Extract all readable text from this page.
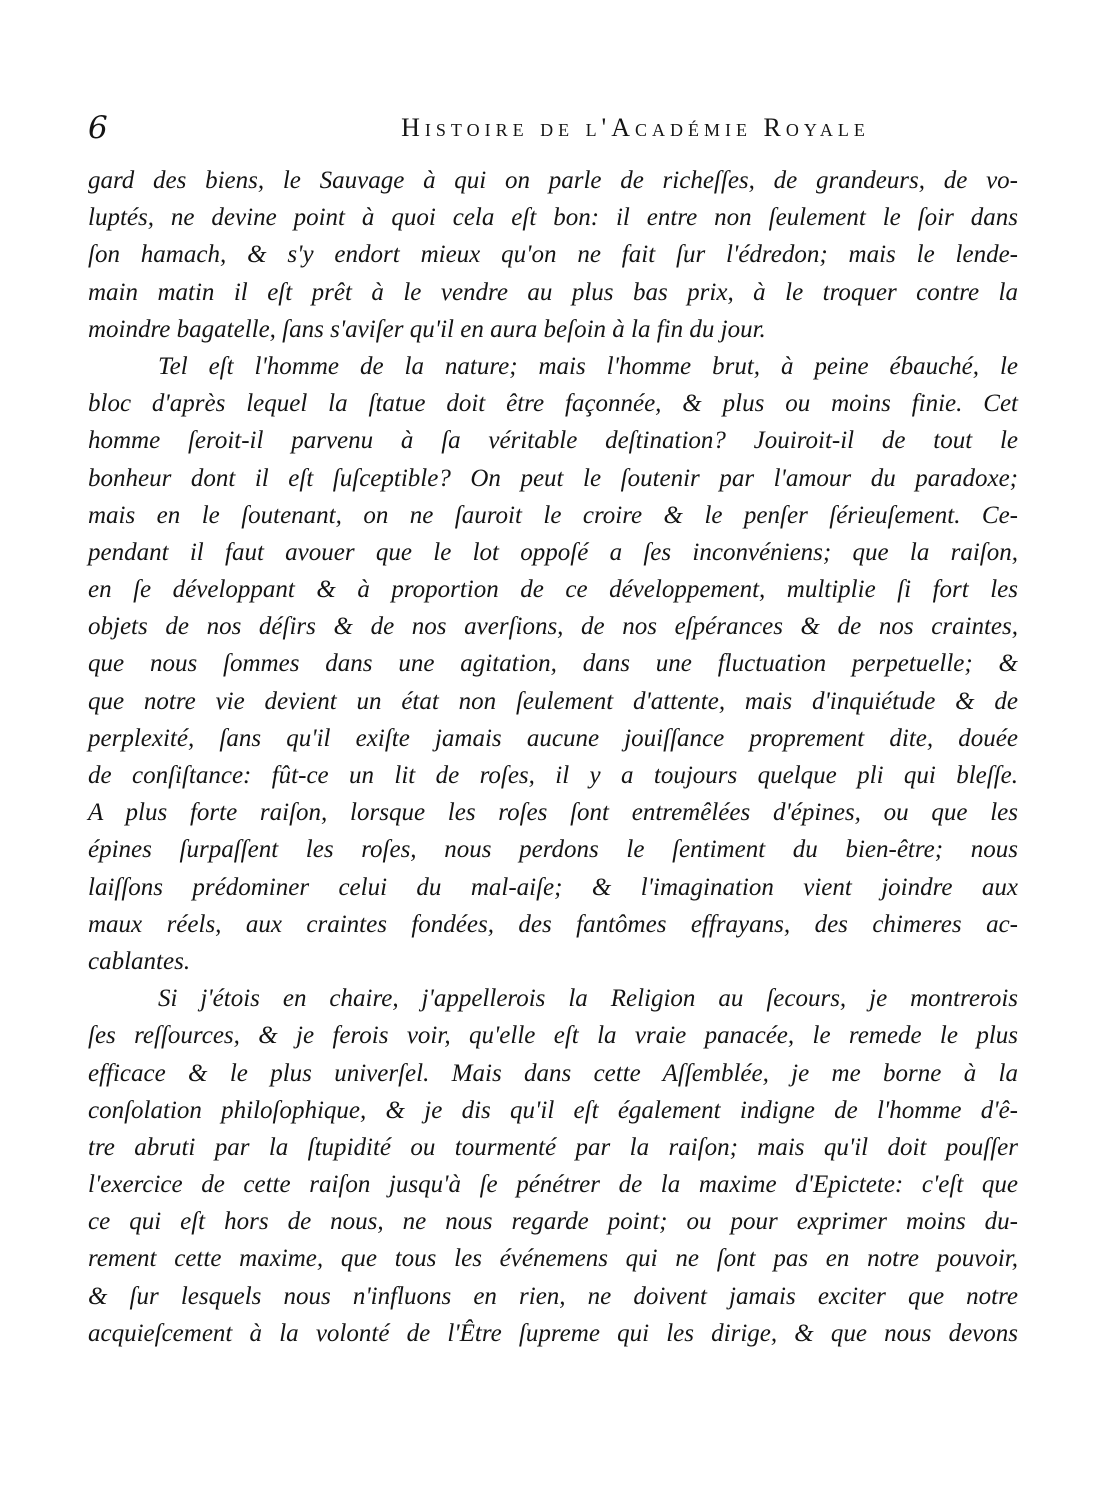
6	Histoire de l'Académie Royale
gard des biens, le Sauvage à qui on parle de richeſſes, de grandeurs, de vo-
luptés, ne devine point à quoi cela eſt bon: il entre non ſeulement le ſoir dans
ſon hamach, & s'y endort mieux qu'on ne fait ſur l'édredon; mais le lende-
main matin il eſt prêt à le vendre au plus bas prix, à le troquer contre la
moindre bagatelle, ſans s'aviſer qu'il en aura beſoin à la fin du jour.
Tel eſt l'homme de la nature; mais l'homme brut, à peine ébauché, le
bloc d'après lequel la ſtatue doit être façonnée, & plus ou moins finie. Cet
homme ſeroit-il parvenu à ſa véritable deſtination? Jouiroit-il de tout le
bonheur dont il eſt ſuſceptible? On peut le ſoutenir par l'amour du paradoxe;
mais en le ſoutenant, on ne ſauroit le croire & le penſer ſérieuſement. Ce-
pendant il faut avouer que le lot oppoſé a ſes inconvéniens; que la raiſon,
en ſe développant & à proportion de ce développement, multiplie ſi fort les
objets de nos déſirs & de nos averſions, de nos eſpérances & de nos craintes,
que nous ſommes dans une agitation, dans une fluctuation perpetuelle; &
que notre vie devient un état non ſeulement d'attente, mais d'inquiétude & de
perplexité, ſans qu'il exiſte jamais aucune jouiſſance proprement dite, douée
de conſiſtance: fût-ce un lit de roſes, il y a toujours quelque pli qui bleſſe.
A plus forte raiſon, lorsque les roſes ſont entremêlées d'épines, ou que les
épines ſurpaſſent les roſes, nous perdons le ſentiment du bien-être; nous
laiſſons prédominer celui du mal-aiſe; & l'imagination vient joindre aux
maux réels, aux craintes fondées, des fantômes effrayans, des chimeres ac-
cablantes.
Si j'étois en chaire, j'appellerois la Religion au ſecours, je montrerois
ſes reſſources, & je ferois voir, qu'elle eſt la vraie panacée, le remede le plus
efficace & le plus univerſel. Mais dans cette Aſſemblée, je me borne à la
conſolation philoſophique, & je dis qu'il eſt également indigne de l'homme d'ê-
tre abruti par la ſtupidité ou tourmenté par la raiſon; mais qu'il doit pouſſer
l'exercice de cette raiſon jusqu'à ſe pénétrer de la maxime d'Epictete: c'eſt que
ce qui eſt hors de nous, ne nous regarde point; ou pour exprimer moins du-
rement cette maxime, que tous les événemens qui ne ſont pas en notre pouvoir,
& ſur lesquels nous n'influons en rien, ne doivent jamais exciter que notre
acquieſcement à la volonté de l'Être ſupreme qui les dirige, & que nous devons
